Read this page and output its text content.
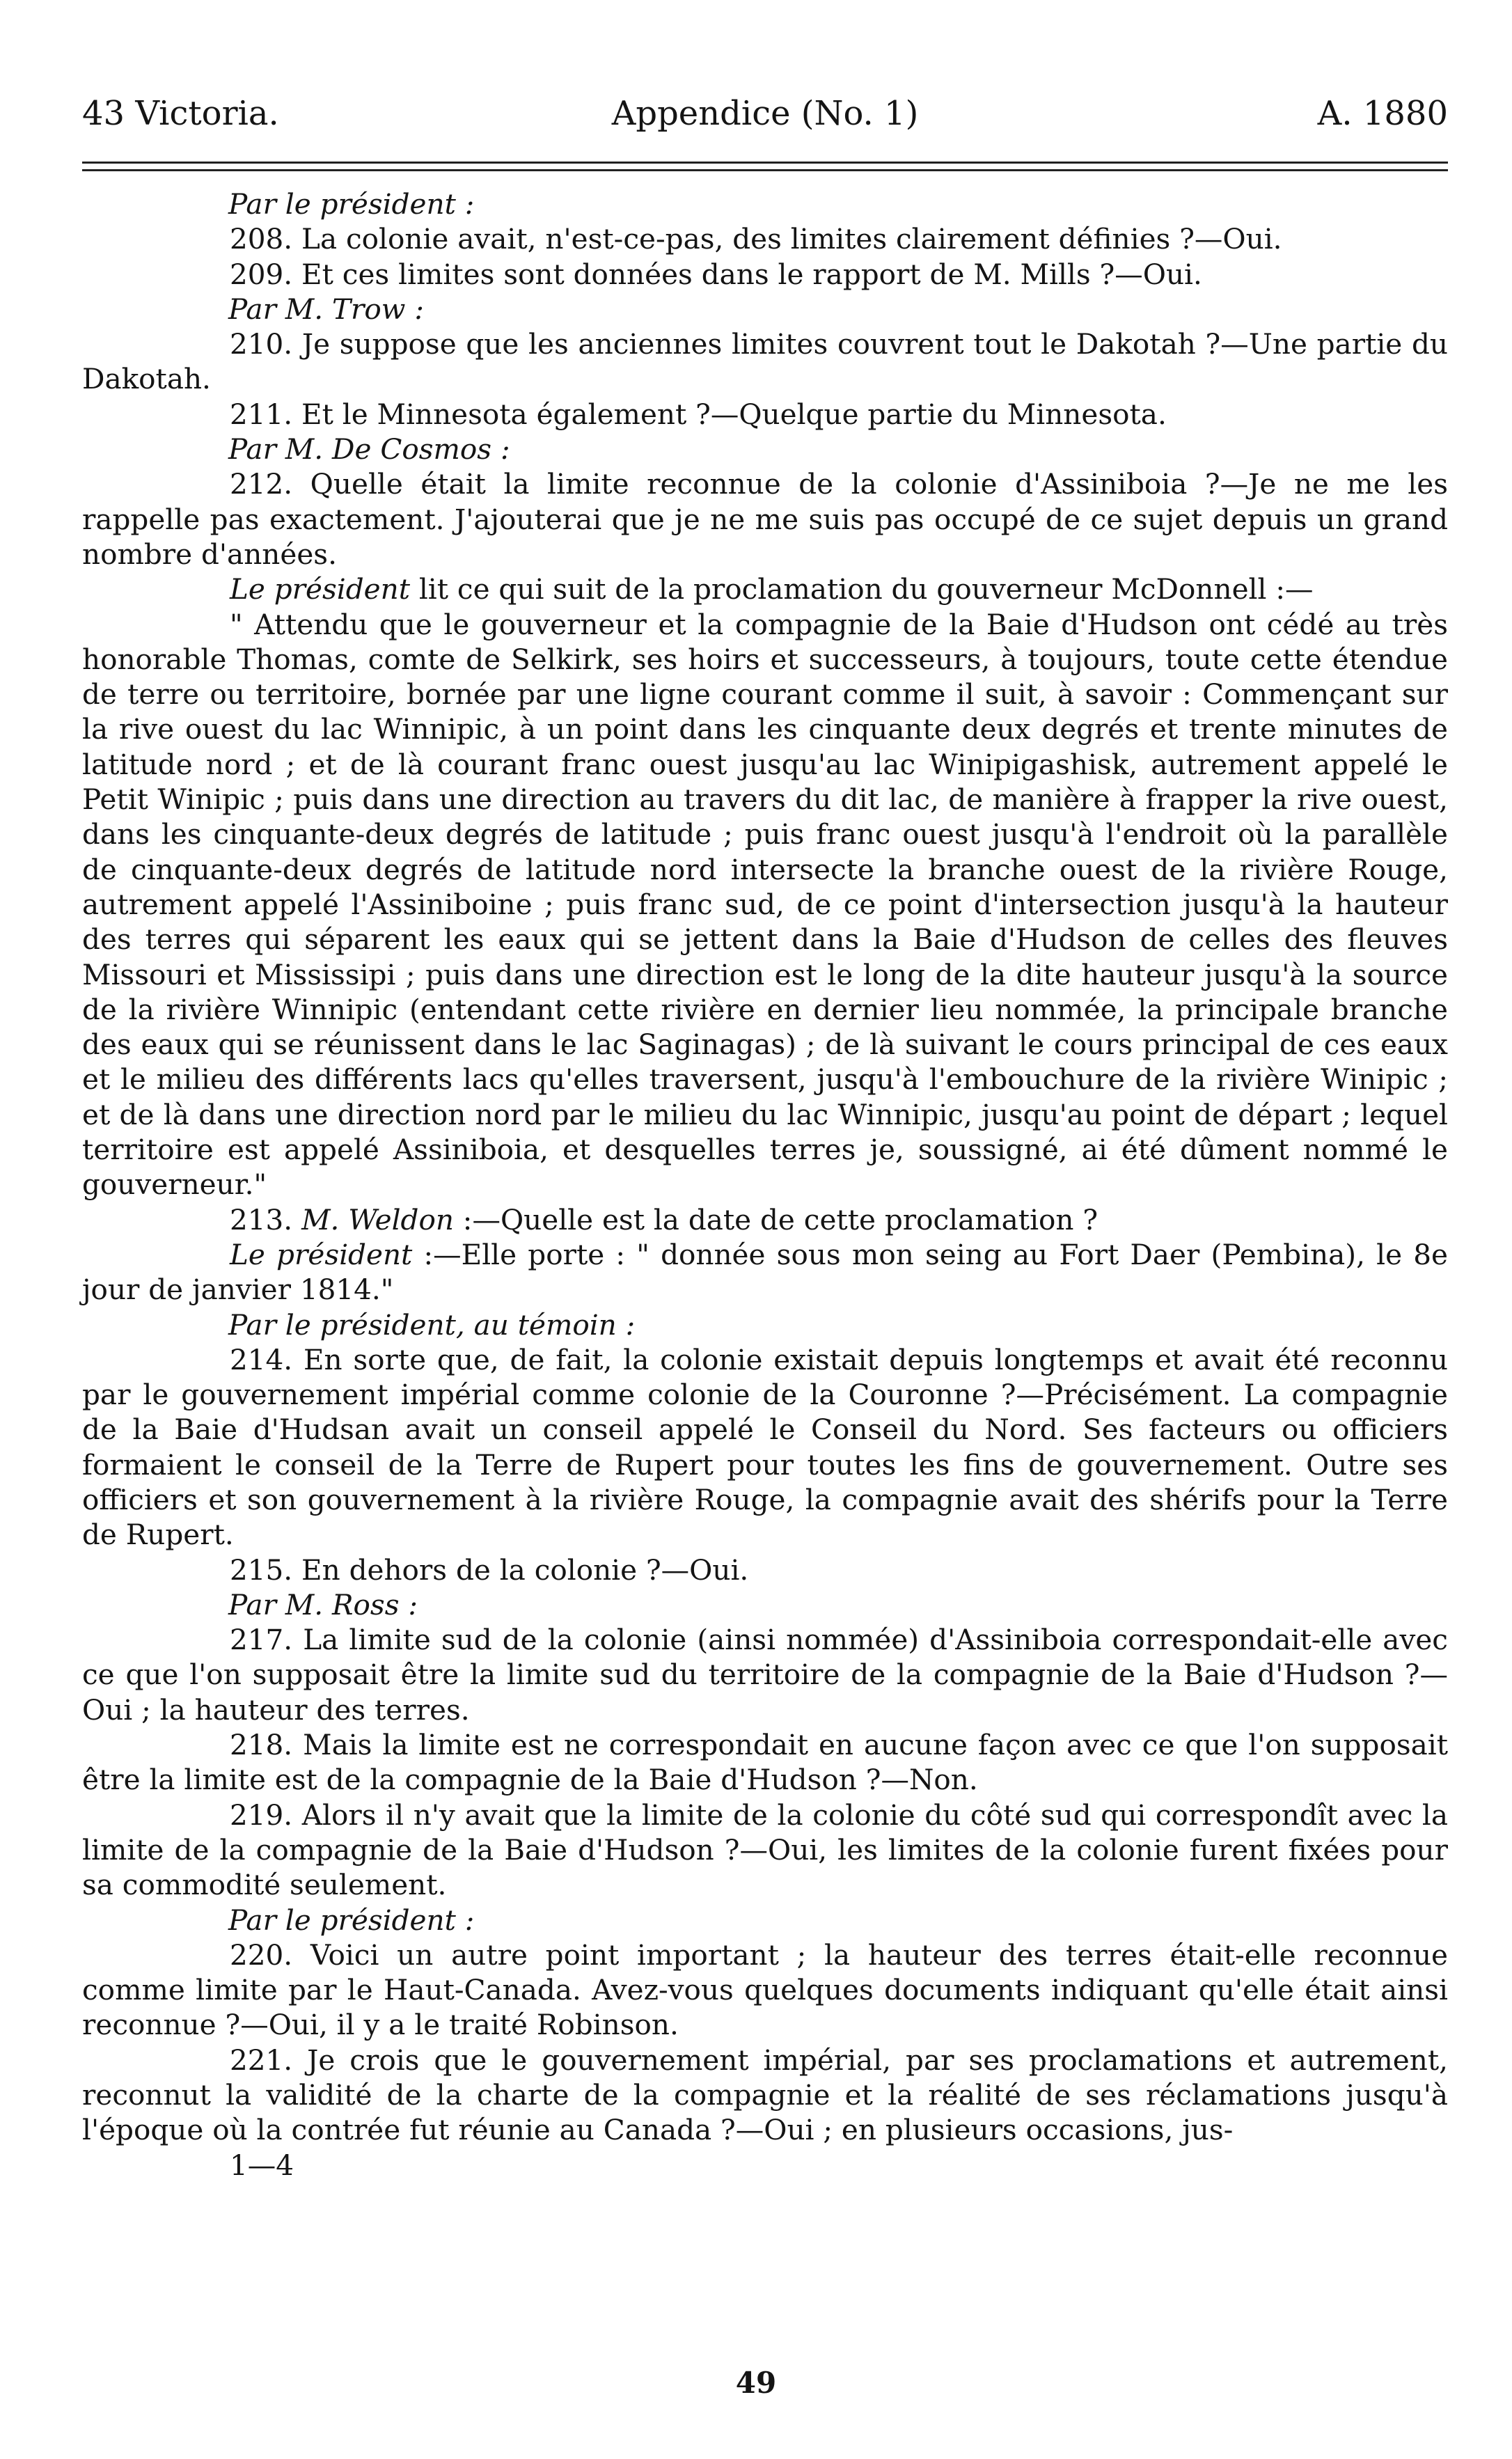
43 Victoria.	Appendice (No. 1)	A. 1880

Par le président :

208. La colonie avait, n'est-ce-pas, des limites clairement définies ?—Oui.

209. Et ces limites sont données dans le rapport de M. Mills ?—Oui.

Par M. Trow :

210. Je suppose que les anciennes limites couvrent tout le Dakotah ?—Une partie du Dakotah.

211. Et le Minnesota également ?—Quelque partie du Minnesota.

Par M. De Cosmos :

212. Quelle était la limite reconnue de la colonie d'Assiniboia ?—Je ne me les rappelle pas exactement. J'ajouterai que je ne me suis pas occupé de ce sujet depuis un grand nombre d'années.

Le président lit ce qui suit de la proclamation du gouverneur McDonnell :—

" Attendu que le gouverneur et la compagnie de la Baie d'Hudson ont cédé au très honorable Thomas, comte de Selkirk, ses hoirs et successeurs, à toujours, toute cette étendue de terre ou territoire, bornée par une ligne courant comme il suit, à savoir : Commençant sur la rive ouest du lac Winnipic, à un point dans les cinquante deux degrés et trente minutes de latitude nord ; et de là courant franc ouest jusqu'au lac Winipigashisk, autrement appelé le Petit Winipic ; puis dans une direction au travers du dit lac, de manière à frapper la rive ouest, dans les cinquante-deux degrés de latitude ; puis franc ouest jusqu'à l'endroit où la parallèle de cinquante-deux degrés de latitude nord intersecte la branche ouest de la rivière Rouge, autrement appelé l'Assiniboine ; puis franc sud, de ce point d'intersection jusqu'à la hauteur des terres qui séparent les eaux qui se jettent dans la Baie d'Hudson de celles des fleuves Missouri et Mississipi ; puis dans une direction est le long de la dite hauteur jusqu'à la source de la rivière Winnipic (entendant cette rivière en dernier lieu nommée, la principale branche des eaux qui se réunissent dans le lac Saginagas) ; de là suivant le cours principal de ces eaux et le milieu des différents lacs qu'elles traversent, jusqu'à l'embouchure de la rivière Winipic ; et de là dans une direction nord par le milieu du lac Winnipic, jusqu'au point de départ ; lequel territoire est appelé Assiniboia, et desquelles terres je, soussigné, ai été dûment nommé le gouverneur."

213. M. Weldon :—Quelle est la date de cette proclamation ?

Le président :—Elle porte : " donnée sous mon seing au Fort Daer (Pembina), le 8e jour de janvier 1814."

Par le président, au témoin :

214. En sorte que, de fait, la colonie existait depuis longtemps et avait été reconnu par le gouvernement impérial comme colonie de la Couronne ?—Précisément. La compagnie de la Baie d'Hudsan avait un conseil appelé le Conseil du Nord. Ses facteurs ou officiers formaient le conseil de la Terre de Rupert pour toutes les fins de gouvernement. Outre ses officiers et son gouvernement à la rivière Rouge, la compagnie avait des shérifs pour la Terre de Rupert.

215. En dehors de la colonie ?—Oui.

Par M. Ross :

217. La limite sud de la colonie (ainsi nommée) d'Assiniboia correspondait-elle avec ce que l'on supposait être la limite sud du territoire de la compagnie de la Baie d'Hudson ?—Oui ; la hauteur des terres.

218. Mais la limite est ne correspondait en aucune façon avec ce que l'on supposait être la limite est de la compagnie de la Baie d'Hudson ?—Non.

219. Alors il n'y avait que la limite de la colonie du côté sud qui correspondît avec la limite de la compagnie de la Baie d'Hudson ?—Oui, les limites de la colonie furent fixées pour sa commodité seulement.

Par le président :

220. Voici un autre point important ; la hauteur des terres était-elle reconnue comme limite par le Haut-Canada. Avez-vous quelques documents indiquant qu'elle était ainsi reconnue ?—Oui, il y a le traité Robinson.

221. Je crois que le gouvernement impérial, par ses proclamations et autrement, reconnut la validité de la charte de la compagnie et la réalité de ses réclamations jusqu'à l'époque où la contrée fut réunie au Canada ?—Oui ; en plusieurs occasions, jus-

1—4

49
